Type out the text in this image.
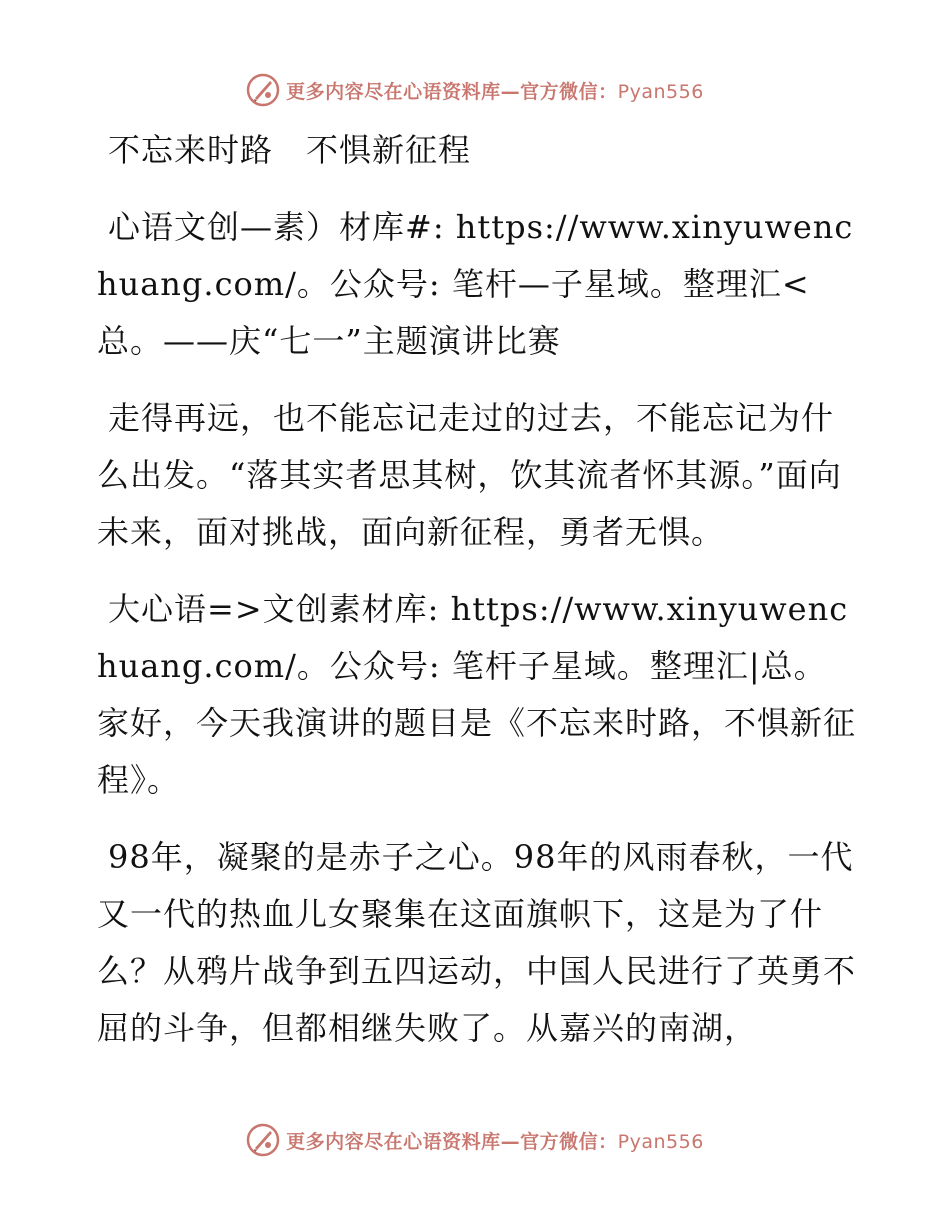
更多内容尽在心语资料库—官方微信：Pyan556

不忘来时路　不惧新征程

心语文创—素）材库#: https://www.xinyuwenchuang.com/。公众号: 笔杆—子星域。整理汇<总。——庆“七一”主题演讲比赛

走得再远，也不能忘记走过的过去，不能忘记为什么出发。“落其实者思其树，饮其流者怀其源。”面向未来，面对挑战，面向新征程，勇者无惧。

大心语=>文创素材库: https://www.xinyuwenchuang.com/。公众号: 笔杆子星域。整理汇|总。家好，今天我演讲的题目是《不忘来时路，不惧新征程》。

98年，凝聚的是赤子之心。98年的风雨春秋，一代又一代的热血儿女聚集在这面旗帜下，这是为了什么？从鸦片战争到五四运动，中国人民进行了英勇不屈的斗争，但都相继失败了。从嘉兴的南湖，

更多内容尽在心语资料库—官方微信：Pyan556
